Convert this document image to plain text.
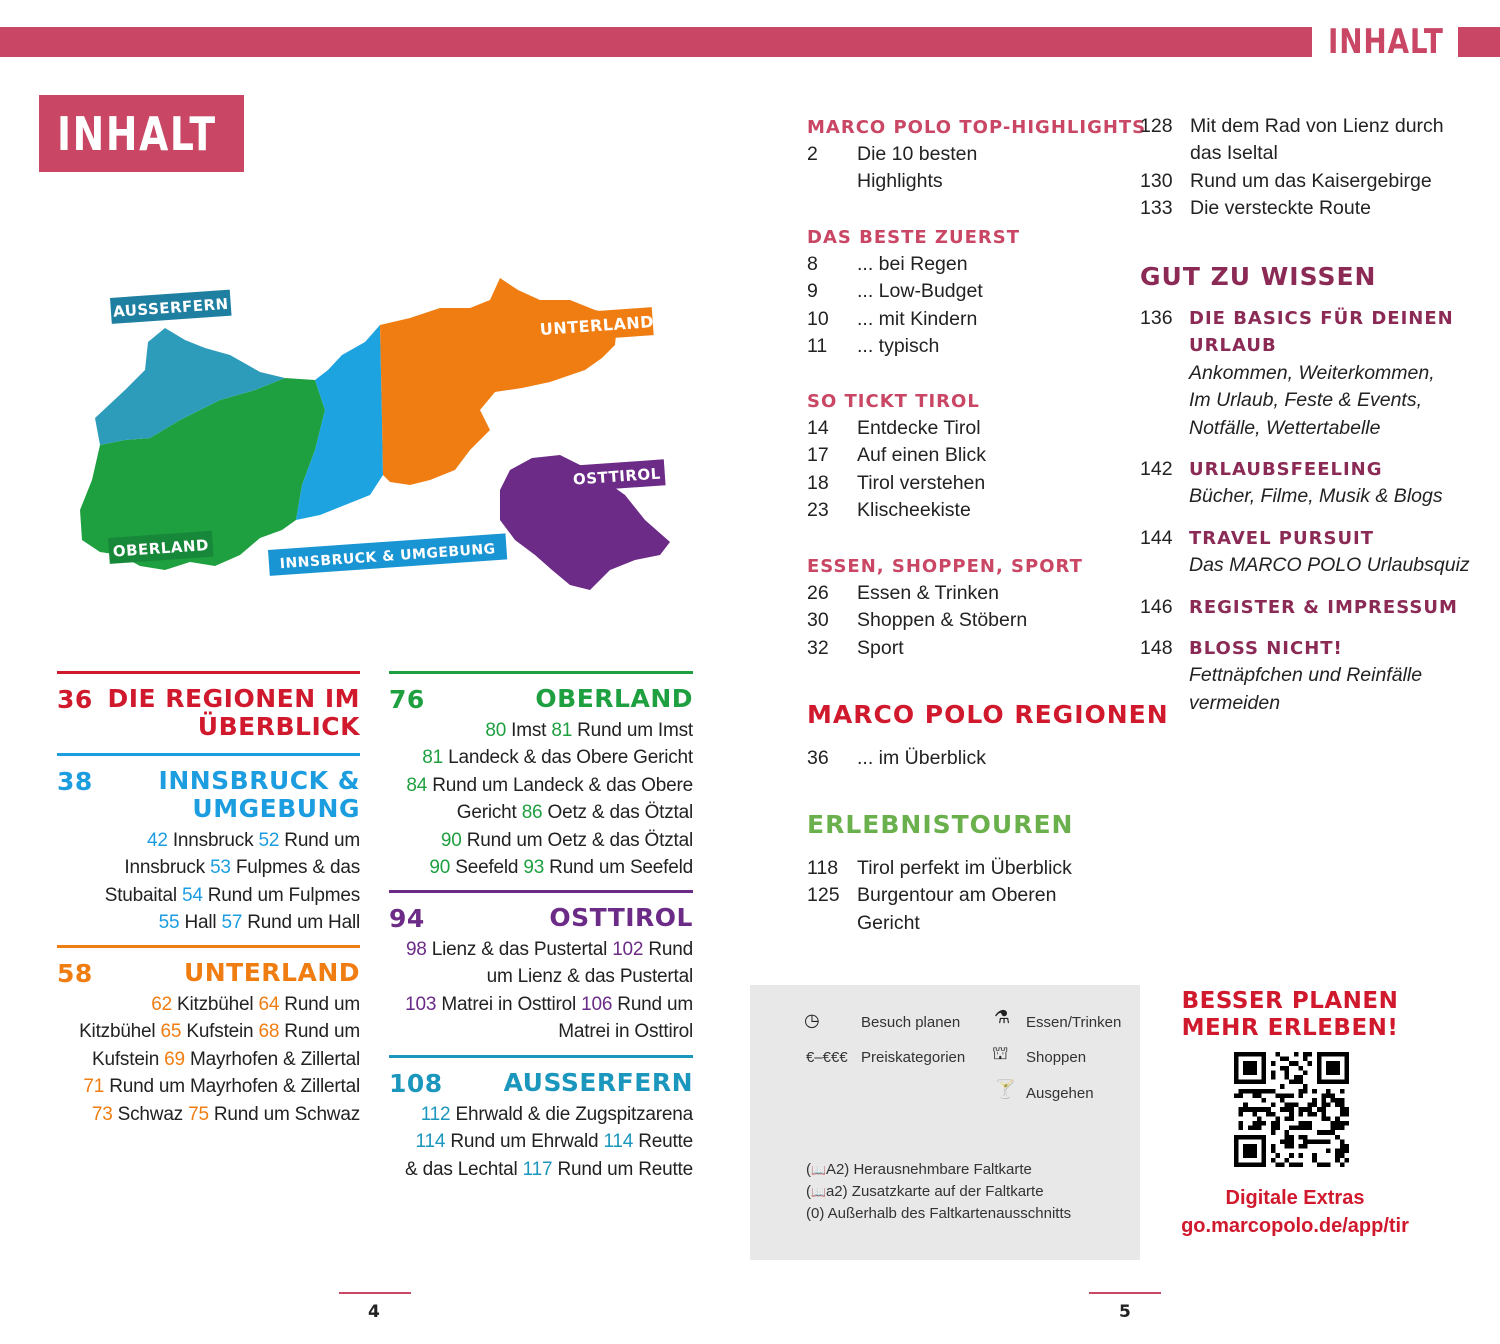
INHALT
INHALT
AUSSERFERN
UNTERLAND
OSTTIROL
OBERLAND	INNSBRUCK & UMGEBUNG
36 DIE REGIONEN IM
ÜBERBLICK
38	INNSBRUCK &
UMGEBUNG
42 Innsbruck 52 Rund um
Innsbruck 53 Fulpmes & das
Stubaital 54 Rund um Fulpmes
55 Hall 57 Rund um Hall
58	UNTERLAND
62 Kitzbühel 64 Rund um
Kitzbühel 65 Kufstein 68 Rund um
Kufstein 69 Mayrhofen & Zillertal
71 Rund um Mayrhofen & Zillertal
73 Schwaz 75 Rund um Schwaz
76	OBERLAND
80 Imst 81 Rund um Imst
81 Landeck & das Obere Gericht
84 Rund um Landeck & das Obere
Gericht 86 Oetz & das Ötztal
90 Rund um Oetz & das Ötztal
90 Seefeld 93 Rund um Seefeld
94	OSTTIROL
98 Lienz & das Pustertal 102 Rund
um Lienz & das Pustertal
103 Matrei in Osttirol 106 Rund um
Matrei in Osttirol
108 AUSSERFERN
112 Ehrwald & die Zugspitzarena
114 Rund um Ehrwald 114 Reutte
& das Lechtal 117 Rund um Reutte
MARCO POLO TOP-HIGHLIGHTS
2 Die 10 besten
Highlights
DAS BESTE ZUERST
8 ... bei Regen
9 ... Low-Budget
10 ... mit Kindern
11 ... typisch
SO TICKT TIROL
14 Entdecke Tirol
17 Auf einen Blick
18 Tirol verstehen
23 Klischeekiste
ESSEN, SHOPPEN, SPORT
26 Essen & Trinken
30 Shoppen & Stöbern
32 Sport
MARCO POLO REGIONEN
36 ... im Überblick
ERLEBNISTOUREN
118 Tirol perfekt im Überblick
125 Burgentour am Oberen
Gericht
128 Mit dem Rad von Lienz durch
das Iseltal
130 Rund um das Kaisergebirge
133 Die versteckte Route
GUT ZU WISSEN
136 DIE BASICS FÜR DEINEN
URLAUB
Ankommen, Weiterkommen,
Im Urlaub, Feste & Events,
Notfälle, Wettertabelle
142 URLAUBSFEELING
Bücher, Filme, Musik & Blogs
144 TRAVEL PURSUIT
Das MARCO POLO Urlaubsquiz
146 REGISTER & IMPRESSUM
148 BLOSS NICHT!
Fettnäpfchen und Reinfälle
vermeiden
◷	Besuch planen
€–€€€ Preiskategorien
⚗ Essen/Trinken
⛫ Shoppen
🍸 Ausgehen
(📖A2) Herausnehmbare Faltkarte
(📖a2) Zusatzkarte auf der Faltkarte
(0) Außerhalb des Faltkartenausschnitts
BESSER PLANEN
MEHR ERLEBEN!
Digitale Extras
go.marcopolo.de/app/tir
4	5
